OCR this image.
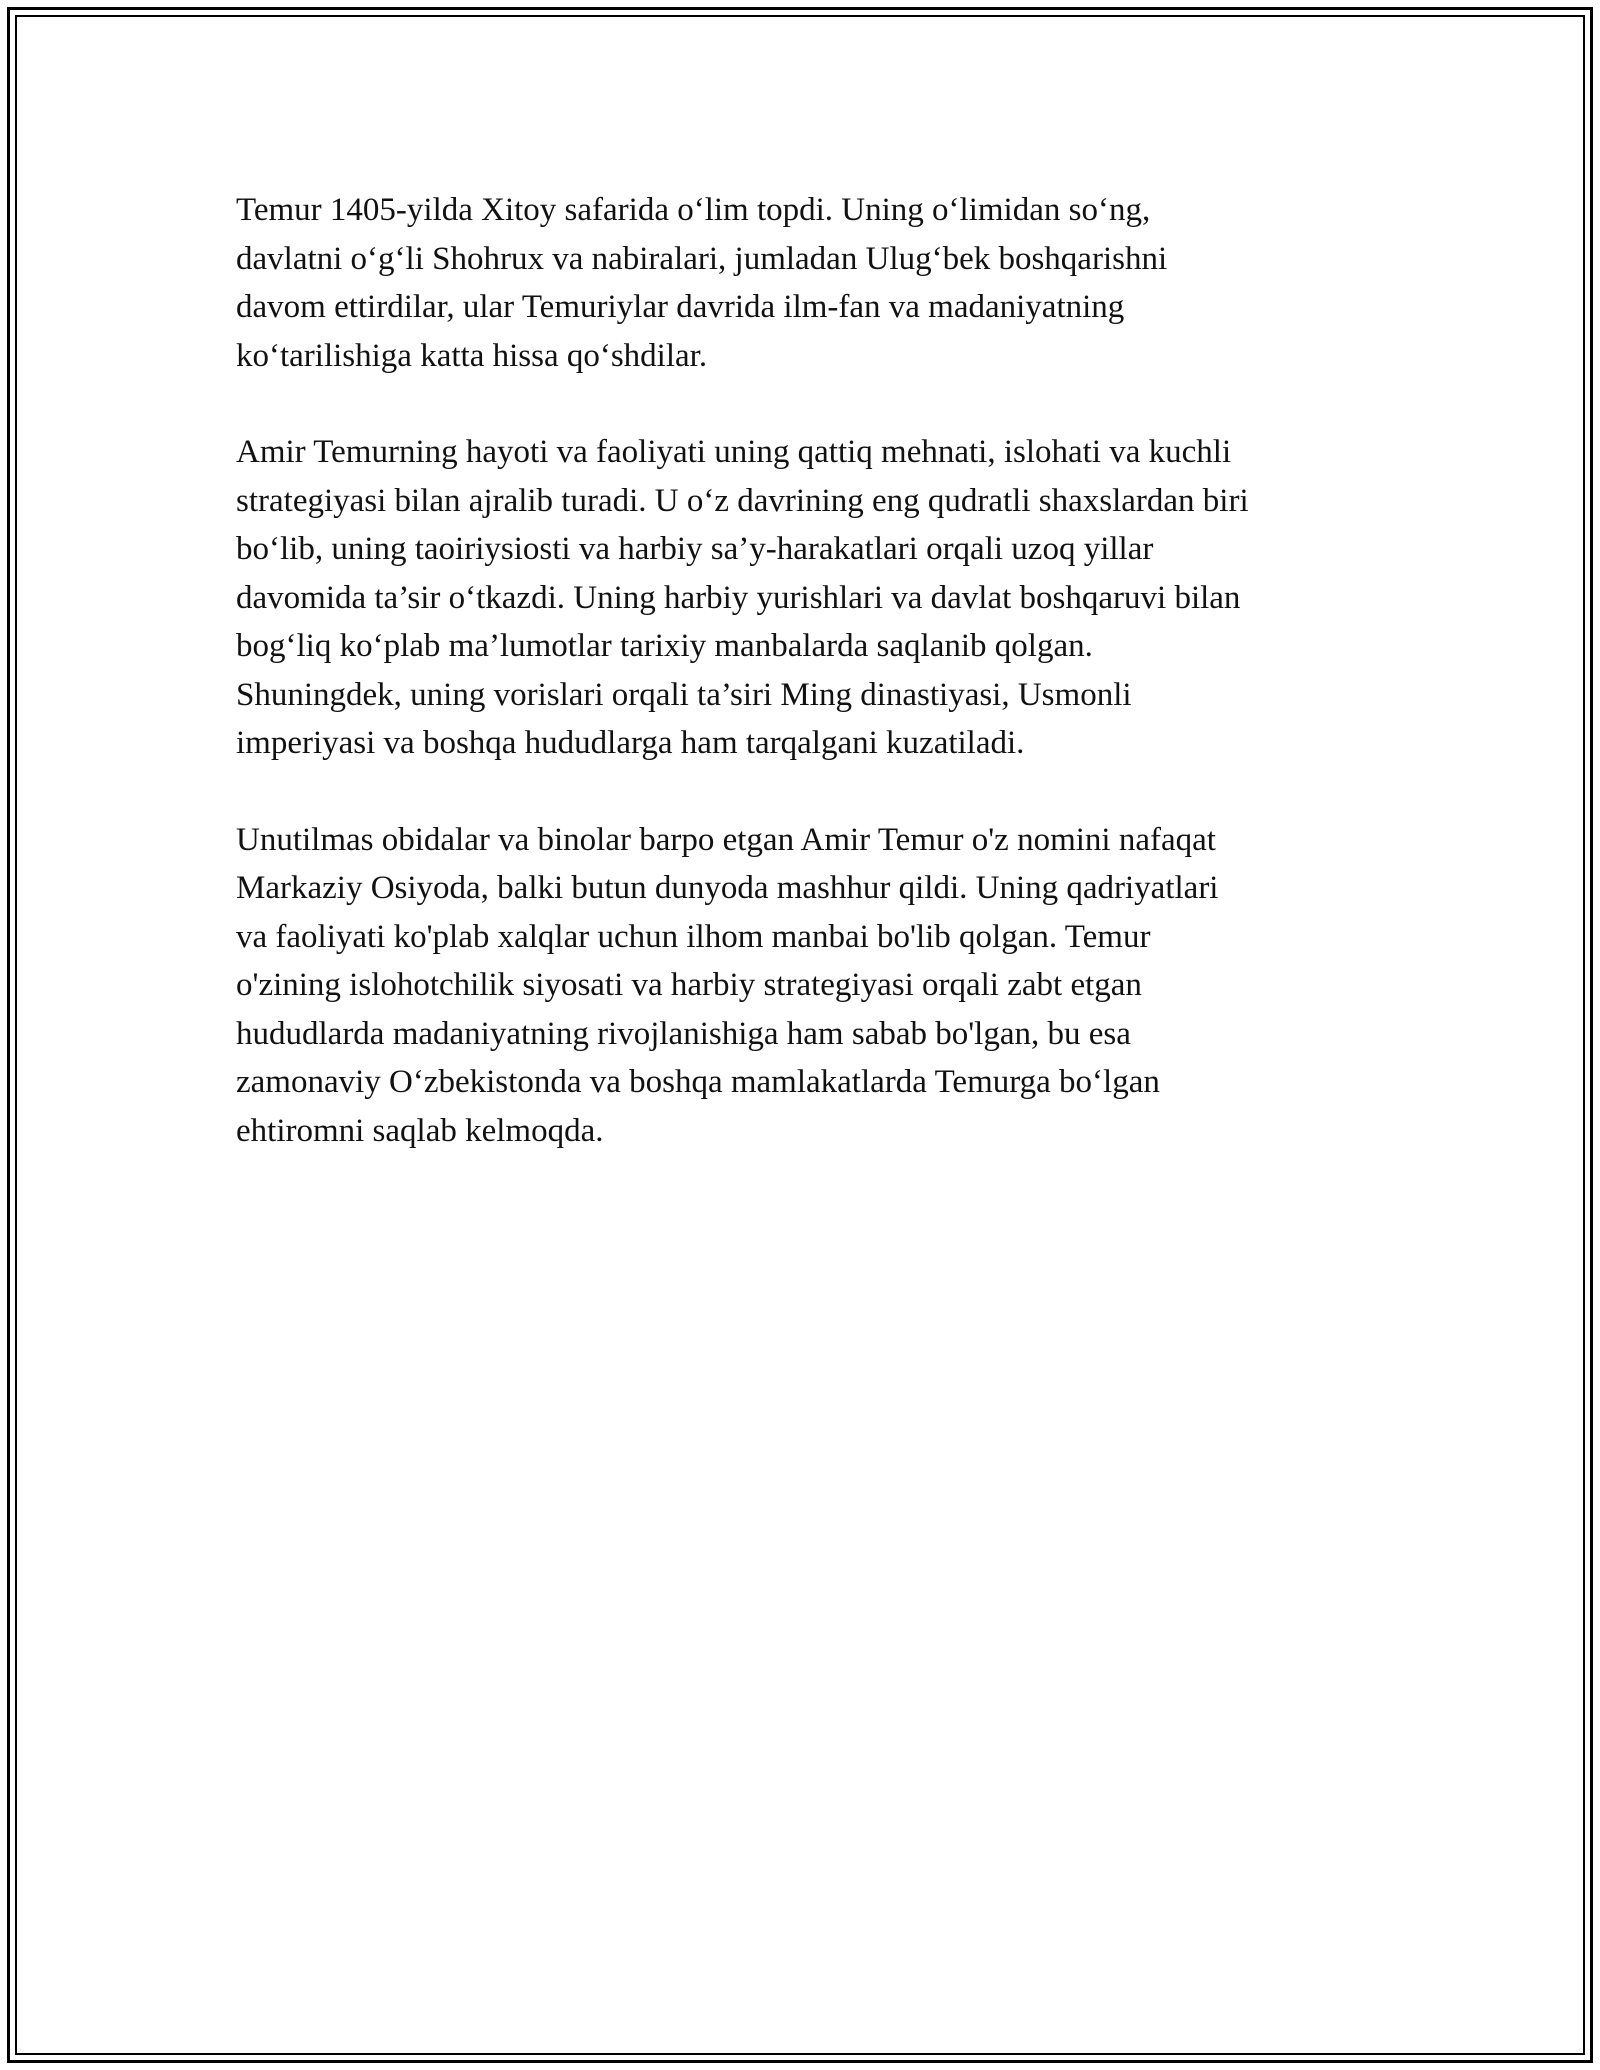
Temur 1405-yilda Xitoy safarida o‘lim topdi. Uning o‘limidan so‘ng,
davlatni o‘g‘li Shohrux va nabiralari, jumladan Ulug‘bek boshqarishni
davom ettirdilar, ular Temuriylar davrida ilm-fan va madaniyatning
ko‘tarilishiga katta hissa qo‘shdilar.

Amir Temurning hayoti va faoliyati uning qattiq mehnati, islohati va kuchli
strategiyasi bilan ajralib turadi. U o‘z davrining eng qudratli shaxslardan biri
bo‘lib, uning taoiriysiosti va harbiy sa’y-harakatlari orqali uzoq yillar
davomida ta’sir o‘tkazdi. Uning harbiy yurishlari va davlat boshqaruvi bilan
bog‘liq ko‘plab ma’lumotlar tarixiy manbalarda saqlanib qolgan.
Shuningdek, uning vorislari orqali ta’siri Ming dinastiyasi, Usmonli
imperiyasi va boshqa hududlarga ham tarqalgani kuzatiladi.

Unutilmas obidalar va binolar barpo etgan Amir Temur o'z nomini nafaqat
Markaziy Osiyoda, balki butun dunyoda mashhur qildi. Uning qadriyatlari
va faoliyati ko'plab xalqlar uchun ilhom manbai bo'lib qolgan. Temur
o'zining islohotchilik siyosati va harbiy strategiyasi orqali zabt etgan
hududlarda madaniyatning rivojlanishiga ham sabab bo'lgan, bu esa
zamonaviy O‘zbekistonda va boshqa mamlakatlarda Temurga bo‘lgan
ehtiromni saqlab kelmoqda.
